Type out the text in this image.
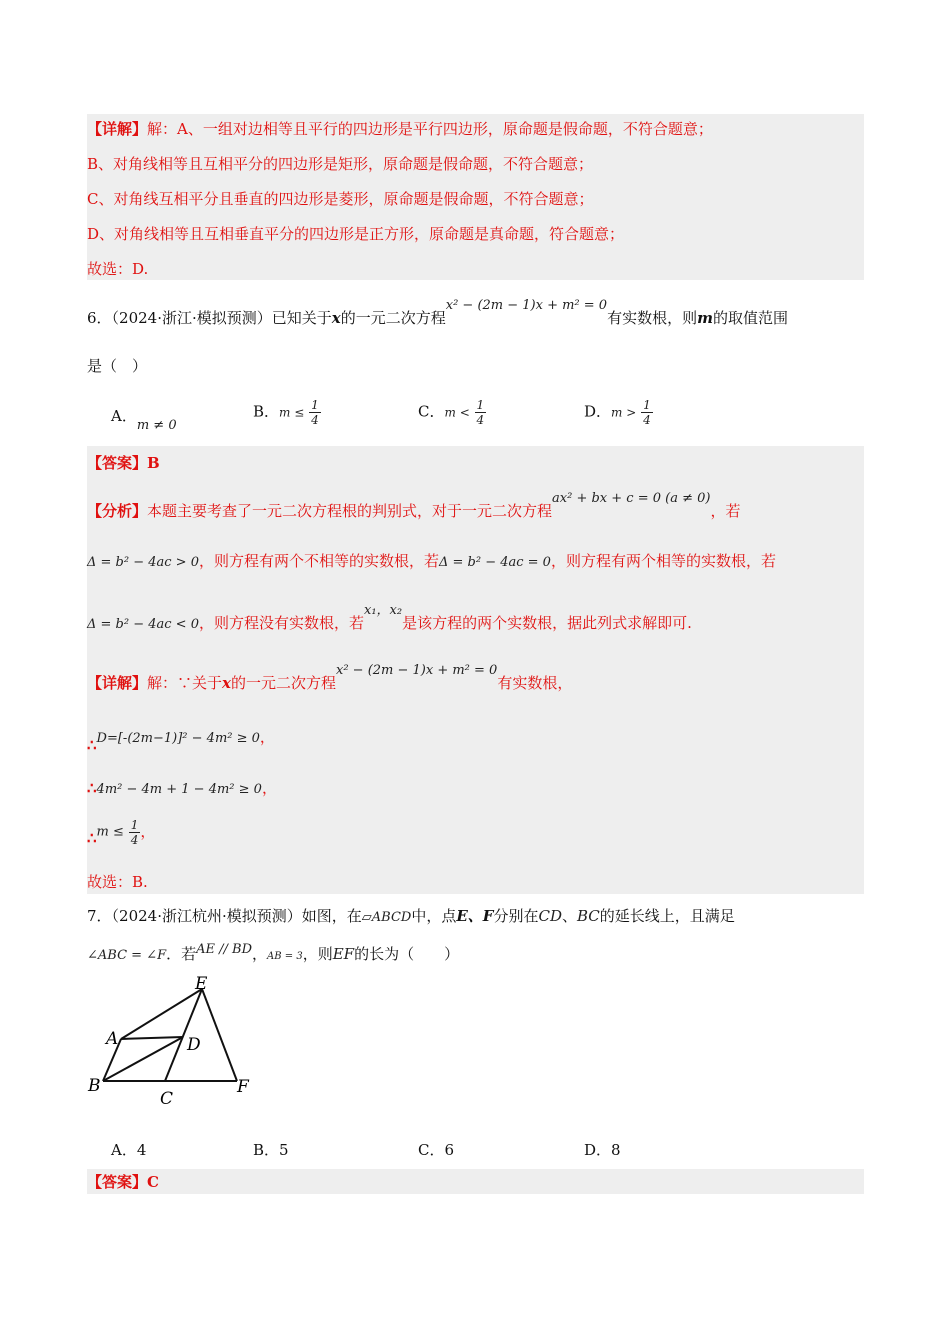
【详解】解：A、一组对边相等且平行的四边形是平行四边形，原命题是假命题，不符合题意；
B、对角线相等且互相平分的四边形是矩形，原命题是假命题，不符合题意；
C、对角线互相平分且垂直的四边形是菱形，原命题是假命题，不符合题意；
D、对角线相等且互相垂直平分的四边形是正方形，原命题是真命题，符合题意；
故选：D.
6．（2024·浙江·模拟预测）已知关于x的一元二次方程x² − (2m − 1)x + m² = 0有实数根，则m的取值范围
是（　）
A．m ≠ 0
B．$m \le \frac{1}{4}$	C．$m < \frac{1}{4}$	D．$m > \frac{1}{4}$
【答案】B
【分析】本题主要考查了一元二次方程根的判别式，对于一元二次方程ax² + bx + c = 0 (a ≠ 0)，若
Δ = b² − 4ac > 0，则方程有两个不相等的实数根，若Δ = b² − 4ac = 0，则方程有两个相等的实数根，若
Δ = b² − 4ac < 0，则方程没有实数根，若x₁，x₂是该方程的两个实数根，据此列式求解即可.
【详解】解：∵关于x的一元二次方程x² − (2m − 1)x + m² = 0有实数根，
∴D=[-(2m−1)]² − 4m² ≥ 0，
∴4m² − 4m + 1 − 4m² ≥ 0，
∴m ≤ $\frac{1}{4}$ ，
故选：B.
7．（2024·浙江杭州·模拟预测）如图，在▱ABCD中，点E、F分别在CD、BC的延长线上，且满足
∠ABC = ∠F．若AE // BD，AB = 3，则EF的长为（　　）
E
A	D
B
C
F
A．4	B．5	C．6	D．8
【答案】C
